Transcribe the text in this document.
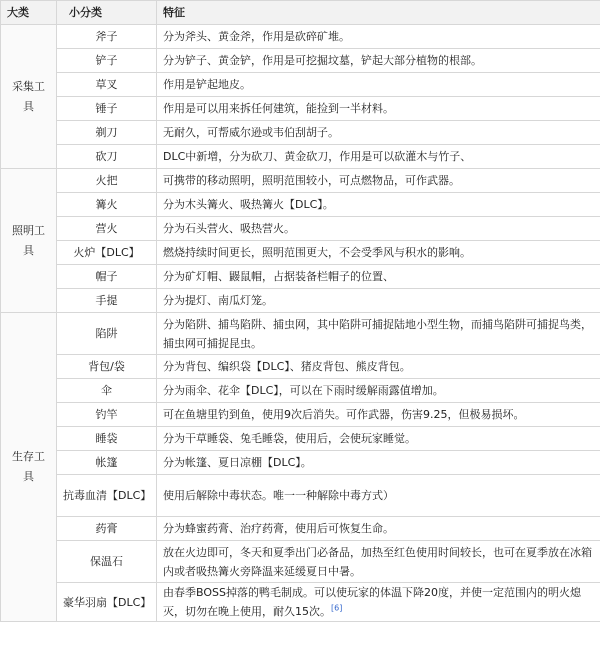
大类	小分类	特征
采集工具	斧子	分为斧头、黄金斧，作用是砍碎矿堆。
	铲子	分为铲子、黄金铲，作用是可挖掘坟墓，铲起大部分植物的根部。
	草叉	作用是铲起地皮。
	锤子	作用是可以用来拆任何建筑，能捡到一半材料。
	剃刀	无耐久，可帮威尔逊或韦伯刮胡子。
	砍刀	DLC中新增，分为砍刀、黄金砍刀，作用是可以砍灌木与竹子、
照明工具	火把	可携带的移动照明，照明范围较小，可点燃物品，可作武器。
	篝火	分为木头篝火、吸热篝火【DLC】。
	营火	分为石头营火、吸热营火。
	火炉【DLC】	燃烧持续时间更长，照明范围更大，不会受季风与积水的影响。
	帽子	分为矿灯帽、鼹鼠帽，占据装备栏帽子的位置、
	手提	分为提灯、南瓜灯笼。
生存工具	陷阱	分为陷阱、捕鸟陷阱、捕虫网，其中陷阱可捕捉陆地小型生物，而捕鸟陷阱可捕捉鸟类，捕虫网可捕捉昆虫。
	背包/袋	分为背包、编织袋【DLC】、猪皮背包、熊皮背包。
	伞	分为雨伞、花伞【DLC】，可以在下雨时缓解雨露值增加。
	钓竿	可在鱼塘里钓到鱼，使用9次后消失。可作武器，伤害9.25，但极易损坏。
	睡袋	分为干草睡袋、兔毛睡袋，使用后，会使玩家睡觉。
	帐篷	分为帐篷、夏日凉棚【DLC】。
	抗毒血清【DLC】	使用后解除中毒状态。唯一一种解除中毒方式）
	药膏	分为蜂蜜药膏、治疗药膏，使用后可恢复生命。
	保温石	放在火边即可，冬天和夏季出门必备品，加热至红色使用时间较长，也可在夏季放在冰箱内或者吸热篝火旁降温来延缓夏日中暑。
	豪华羽扇【DLC】	由春季BOSS掉落的鸭毛制成。可以使玩家的体温下降20度，并使一定范围内的明火熄灭，切勿在晚上使用，耐久15次。[6]
